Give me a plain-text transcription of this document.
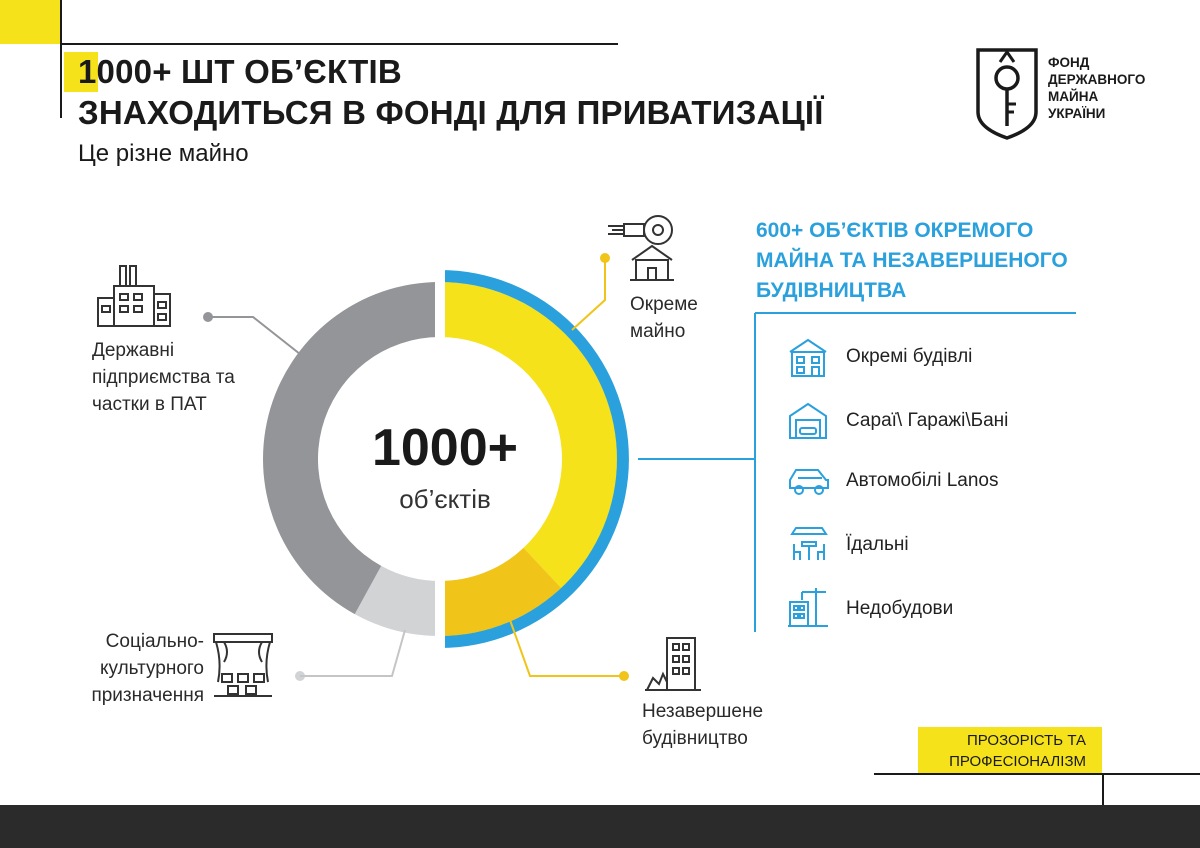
1000+ ШТ ОБ’ЄКТІВ
ЗНАХОДИТЬСЯ В ФОНДІ ДЛЯ ПРИВАТИЗАЦІЇ
Це різне майно
ФОНД
ДЕРЖАВНОГО
МАЙНА
УКРАЇНИ
1000+
об’єктів
Державні
підприємства та
частки в ПАТ
Соціально-
культурного
призначення
Окреме
майно
Незавершене
будівництво
600+ ОБ’ЄКТІВ ОКРЕМОГО
МАЙНА ТА НЕЗАВЕРШЕНОГО
БУДІВНИЦТВА
Окремі будівлі
Сараї\ Гаражі\Бані
Автомобілі Lanos
Їдальні
Недобудови
ПРОЗОРІСТЬ ТА
ПРОФЕСІОНАЛІЗМ
